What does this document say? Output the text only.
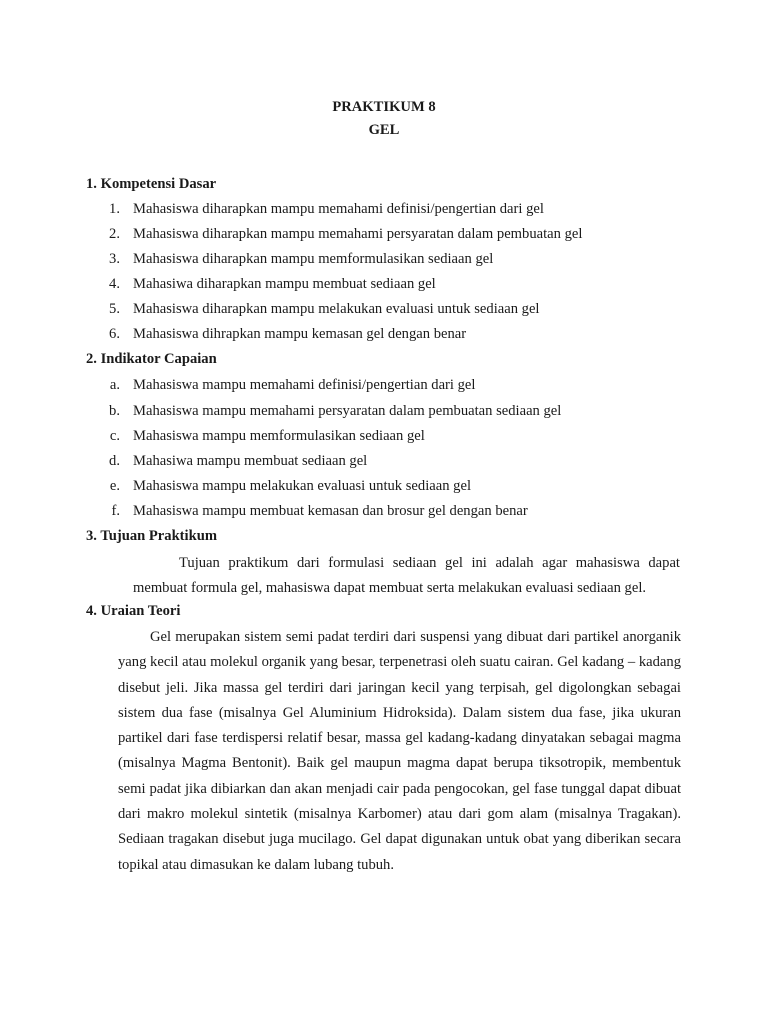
PRAKTIKUM 8
GEL
1. Kompetensi Dasar
1. Mahasiswa diharapkan mampu memahami definisi/pengertian dari gel
2. Mahasiswa diharapkan mampu memahami persyaratan dalam pembuatan gel
3. Mahasiswa diharapkan mampu memformulasikan sediaan gel
4. Mahasiwa diharapkan mampu membuat sediaan gel
5. Mahasiswa diharapkan mampu melakukan evaluasi untuk sediaan gel
6. Mahasiswa dihrapkan mampu kemasan gel dengan benar
2. Indikator Capaian
a. Mahasiswa mampu memahami definisi/pengertian dari gel
b. Mahasiswa mampu memahami persyaratan dalam pembuatan sediaan gel
c. Mahasiswa mampu memformulasikan sediaan gel
d. Mahasiwa mampu membuat sediaan gel
e. Mahasiswa mampu melakukan evaluasi untuk sediaan gel
f. Mahasiswa mampu membuat kemasan dan brosur gel dengan benar
3. Tujuan Praktikum
Tujuan praktikum dari formulasi sediaan gel ini adalah agar mahasiswa dapat membuat formula gel, mahasiswa dapat membuat serta melakukan evaluasi sediaan gel.
4. Uraian Teori
Gel merupakan sistem semi padat terdiri dari suspensi yang dibuat dari partikel anorganik yang kecil atau molekul organik yang besar, terpenetrasi oleh suatu cairan. Gel kadang – kadang disebut jeli. Jika massa gel terdiri dari jaringan kecil yang terpisah, gel digolongkan sebagai sistem dua fase (misalnya Gel Aluminium Hidroksida). Dalam sistem dua fase, jika ukuran partikel dari fase terdispersi relatif besar, massa gel kadang-kadang dinyatakan sebagai magma (misalnya Magma Bentonit). Baik gel maupun magma dapat berupa tiksotropik, membentuk semi padat jika dibiarkan dan akan menjadi cair pada pengocokan, gel fase tunggal dapat dibuat dari makro molekul sintetik (misalnya Karbomer) atau dari gom alam (misalnya Tragakan). Sediaan tragakan disebut juga mucilago. Gel dapat digunakan untuk obat yang diberikan secara topikal atau dimasukan ke dalam lubang tubuh.
